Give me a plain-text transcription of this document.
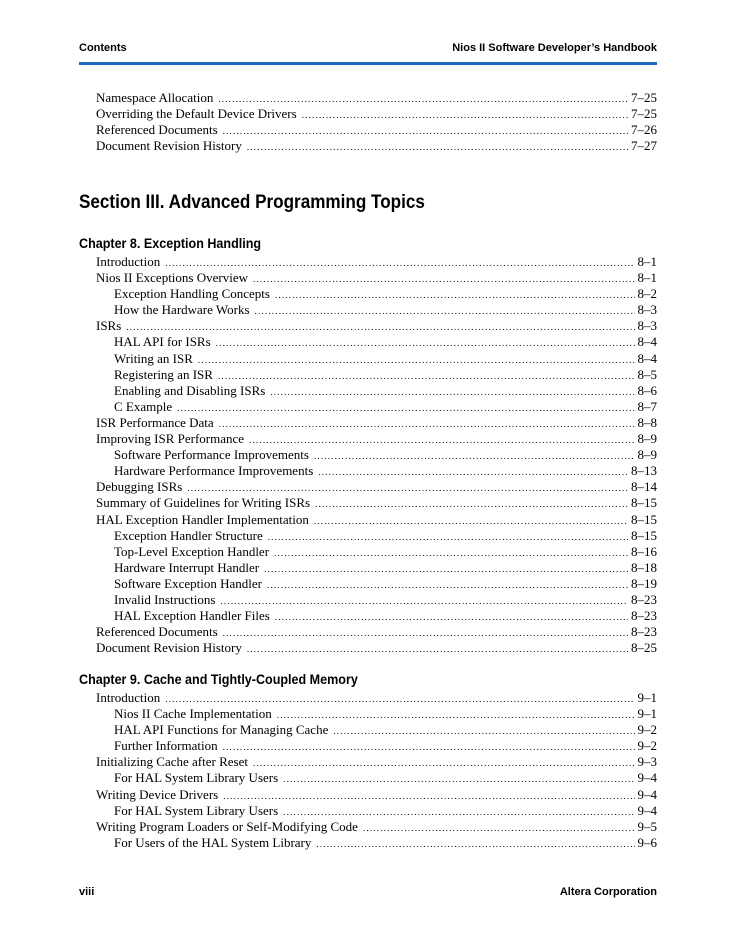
Contents	Nios II Software Developer’s Handbook
Namespace Allocation .....	7–25
Overriding the Default Device Drivers .....	7–25
Referenced Documents .....	7–26
Document Revision History .....	7–27
Section III. Advanced Programming Topics
Chapter 8. Exception Handling
Introduction .....	8–1
Nios II Exceptions Overview .....	8–1
Exception Handling Concepts .....	8–2
How the Hardware Works .....	8–3
ISRs .....	8–3
HAL API for ISRs .....	8–4
Writing an ISR .....	8–4
Registering an ISR .....	8–5
Enabling and Disabling ISRs .....	8–6
C Example .....	8–7
ISR Performance Data .....	8–8
Improving ISR Performance .....	8–9
Software Performance Improvements .....	8–9
Hardware Performance Improvements .....	8–13
Debugging ISRs .....	8–14
Summary of Guidelines for Writing ISRs .....	8–15
HAL Exception Handler Implementation .....	8–15
Exception Handler Structure .....	8–15
Top-Level Exception Handler .....	8–16
Hardware Interrupt Handler .....	8–18
Software Exception Handler .....	8–19
Invalid Instructions .....	8–23
HAL Exception Handler Files .....	8–23
Referenced Documents .....	8–23
Document Revision History .....	8–25
Chapter 9. Cache and Tightly-Coupled Memory
Introduction .....	9–1
Nios II Cache Implementation .....	9–1
HAL API Functions for Managing Cache .....	9–2
Further Information .....	9–2
Initializing Cache after Reset .....	9–3
For HAL System Library Users .....	9–4
Writing Device Drivers .....	9–4
For HAL System Library Users .....	9–4
Writing Program Loaders or Self-Modifying Code .....	9–5
For Users of the HAL System Library .....	9–6
viii	Altera Corporation
